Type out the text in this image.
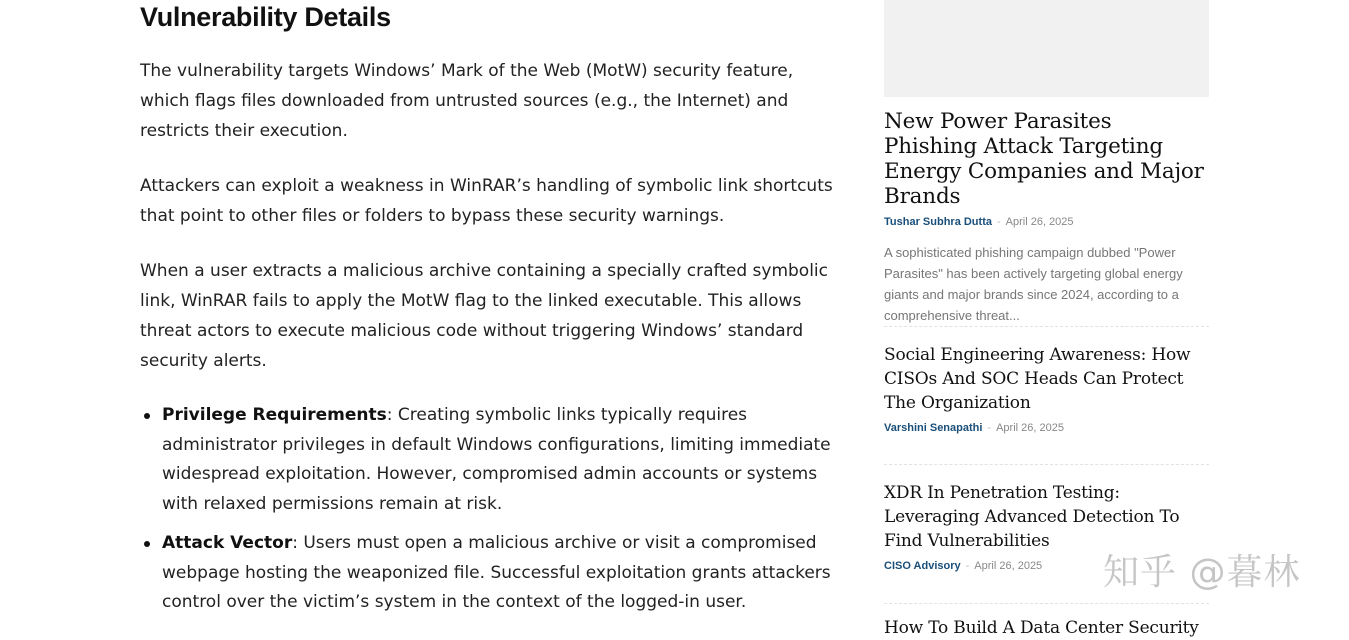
Vulnerability Details

The vulnerability targets Windows’ Mark of the Web (MotW) security feature, which flags files downloaded from untrusted sources (e.g., the Internet) and restricts their execution.

Attackers can exploit a weakness in WinRAR’s handling of symbolic link shortcuts that point to other files or folders to bypass these security warnings.

When a user extracts a malicious archive containing a specially crafted symbolic link, WinRAR fails to apply the MotW flag to the linked executable. This allows threat actors to execute malicious code without triggering Windows’ standard security alerts.

Privilege Requirements: Creating symbolic links typically requires administrator privileges in default Windows configurations, limiting immediate widespread exploitation. However, compromised admin accounts or systems with relaxed permissions remain at risk.
Attack Vector: Users must open a malicious archive or visit a compromised webpage hosting the weaponized file. Successful exploitation grants attackers control over the victim’s system in the context of the logged-in user.
New Power Parasites Phishing Attack Targeting Energy Companies and Major Brands
Tushar Subhra Dutta - April 26, 2025
A sophisticated phishing campaign dubbed "Power Parasites" has been actively targeting global energy giants and major brands since 2024, according to a comprehensive threat...
Social Engineering Awareness: How CISOs And SOC Heads Can Protect The Organization
Varshini Senapathi - April 26, 2025
XDR In Penetration Testing: Leveraging Advanced Detection To Find Vulnerabilities
CISO Advisory - April 26, 2025
How To Build A Data Center Security
知乎 @暮林
